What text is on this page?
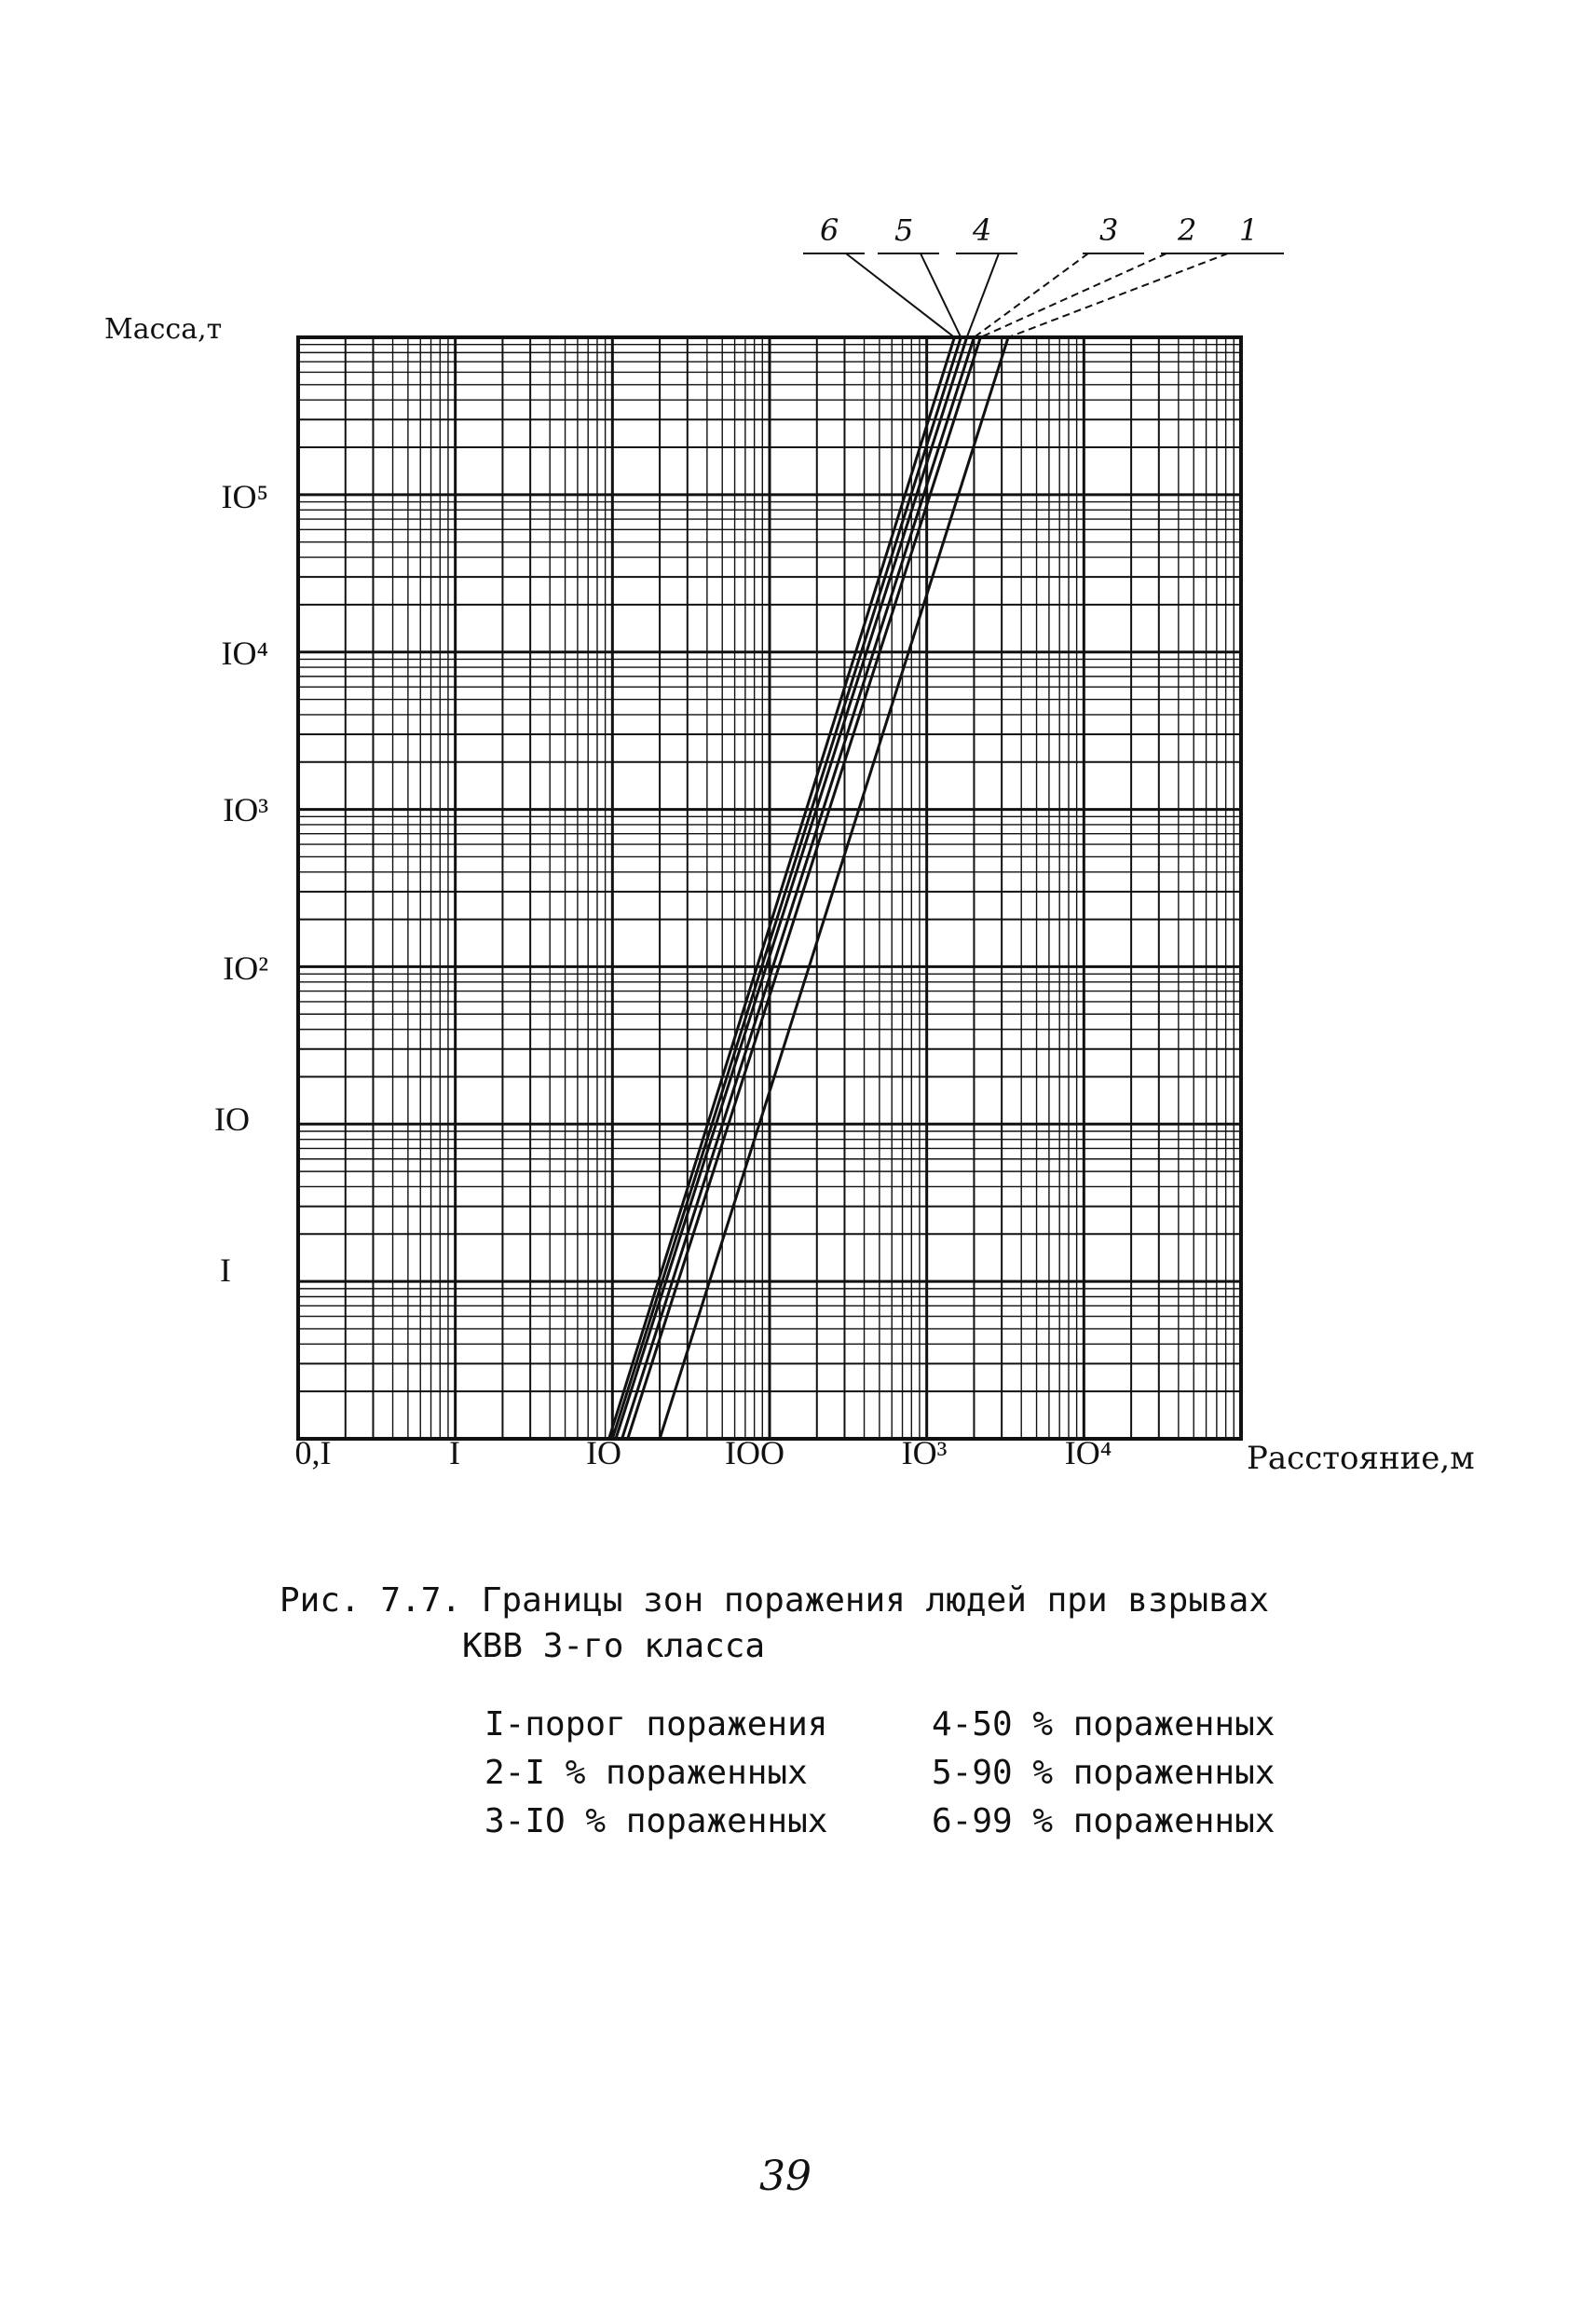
Масса,т
I
IO
IO²
IO³
IO⁴
IO⁵
0,I	I	IO	IOO	IO³	IO⁴	Расстояние,м
6 5 4	3 2 1
Рис. 7.7. Границы зон поражения людей при взрывах
КВВ 3-го класса
I-порог поражения
2-I % пораженных
3-IO % пораженных
4-50 % пораженных
5-90 % пораженных
6-99 % пораженных
39
